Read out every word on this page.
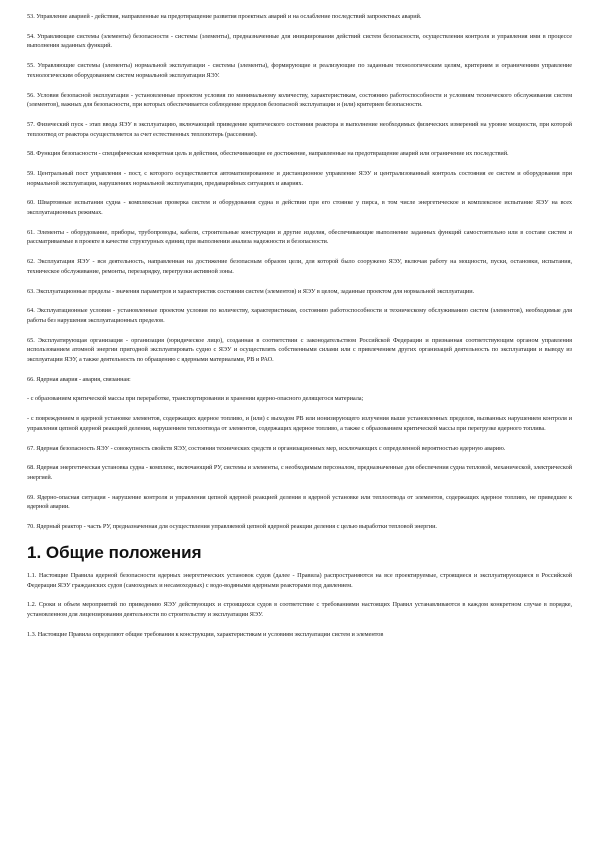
53. Управление аварией - действия, направленные на предотвращение развития проектных аварий и на ослабление последствий запроектных аварий.

54. Управляющие системы (элементы) безопасности - системы (элементы), предназначенные для инициирования действий систем безопасности, осуществления контроля и управления ими в процессе выполнения заданных функций.

55. Управляющие системы (элементы) нормальной эксплуатации - системы (элементы), формирующие и реализующие по заданным технологическим целям, критериям и ограничениям управление технологическим оборудованием систем нормальной эксплуатации ЯЭУ.

56. Условия безопасной эксплуатации - установленные проектом условия по минимальному количеству, характеристикам, состоянию работоспособности и условиям технического обслуживания систем (элементов), важных для безопасности, при которых обеспечивается соблюдение пределов безопасной эксплуатации и (или) критериев безопасности.

57. Физический пуск - этап ввода ЯЭУ в эксплуатацию, включающий приведение критического состояния реактора и выполнение необходимых физических измерений на уровне мощности, при которой теплоотвод от реактора осуществляется за счет естественных теплопотерь (рассеяния).

58. Функция безопасности - специфическая конкретная цель и действия, обеспечивающие ее достижение, направленные на предотвращение аварий или ограничение их последствий.

59. Центральный пост управления - пост, с которого осуществляется автоматизированное и дистанционное управление ЯЭУ и централизованный контроль состояния ее систем и оборудования при нормальной эксплуатации, нарушениях нормальной эксплуатации, предаварийных ситуациях и авариях.

60. Швартовные испытания судна - комплексная проверка систем и оборудования судна в действии при его стоянке у пирса, в том числе энергетическое и комплексное испытание ЯЭУ на всех эксплуатационных режимах.

61. Элементы - оборудование, приборы, трубопроводы, кабели, строительные конструкции и другие изделия, обеспечивающие выполнение заданных функций самостоятельно или в составе систем и рассматриваемые в проекте в качестве структурных единиц при выполнении анализа надежности и безопасности.

62. Эксплуатация ЯЭУ - вся деятельность, направленная на достижение безопасным образом цели, для которой было сооружено ЯЭУ, включая работу на мощности, пуски, остановки, испытания, техническое обслуживание, ремонты, перезарядку, перегрузки активной зоны.

63. Эксплуатационные пределы - значения параметров и характеристик состояния систем (элементов) и ЯЭУ в целом, заданные проектом для нормальной эксплуатации.

64. Эксплуатационные условия - установленные проектом условия по количеству, характеристикам, состоянию работоспособности и техническому обслуживанию систем (элементов), необходимые для работы без нарушения эксплуатационных пределов.

65. Эксплуатирующая организация - организация (юридическое лицо), созданная в соответствии с законодательством Российской Федерации и признанная соответствующим органом управления использованием атомной энергии пригодной эксплуатировать судно с ЯЭУ и осуществлять собственными силами или с привлечением других организаций деятельность по эксплуатации и выводу из эксплуатации ЯЭУ, а также деятельность по обращению с ядерными материалами, РВ и РАО.

66. Ядерная авария - авария, связанная:

- с образованием критической массы при переработке, транспортировании и хранении ядерно-опасного делящегося материала;

- с повреждением в ядерной установке элементов, содержащих ядерное топливо, и (или) с выходом РВ или ионизирующего излучения выше установленных пределов, вызванных нарушением контроля и управления цепной ядерной реакцией деления, нарушением теплоотвода от элементов, содержащих ядерное топливо, а также с образованием критической массы при перегрузке ядерного топлива.

67. Ядерная безопасность ЯЭУ - совокупность свойств ЯЭУ, состояния технических средств и организационных мер, исключающих с определенной вероятностью ядерную аварию.

68. Ядерная энергетическая установка судна - комплекс, включающий РУ, системы и элементы, с необходимым персоналом, предназначенные для обеспечения судна тепловой, механической, электрической энергией.

69. Ядерно-опасная ситуация - нарушение контроля и управления цепной ядерной реакцией деления в ядерной установке или теплоотвода от элементов, содержащих ядерное топливо, не приведшее к ядерной аварии.

70. Ядерный реактор - часть РУ, предназначенная для осуществления управляемой цепной ядерной реакции деления с целью выработки тепловой энергии.

1. Общие положения

1.1. Настоящие Правила ядерной безопасности ядерных энергетических установок судов (далее - Правила) распространяются на все проектируемые, строящиеся и эксплуатирующиеся в Российской Федерации ЯЭУ гражданских судов (самоходных и несамоходных) с водо-водяными ядерными реакторами под давлением.

1.2. Сроки и объем мероприятий по приведению ЯЭУ действующих и строящихся судов в соответствие с требованиями настоящих Правил устанавливаются в каждом конкретном случае в порядке, установленном для лицензирования деятельности по строительству и эксплуатации ЯЭУ.

1.3. Настоящие Правила определяют общие требования к конструкции, характеристикам и условиям эксплуатации систем и элементов
